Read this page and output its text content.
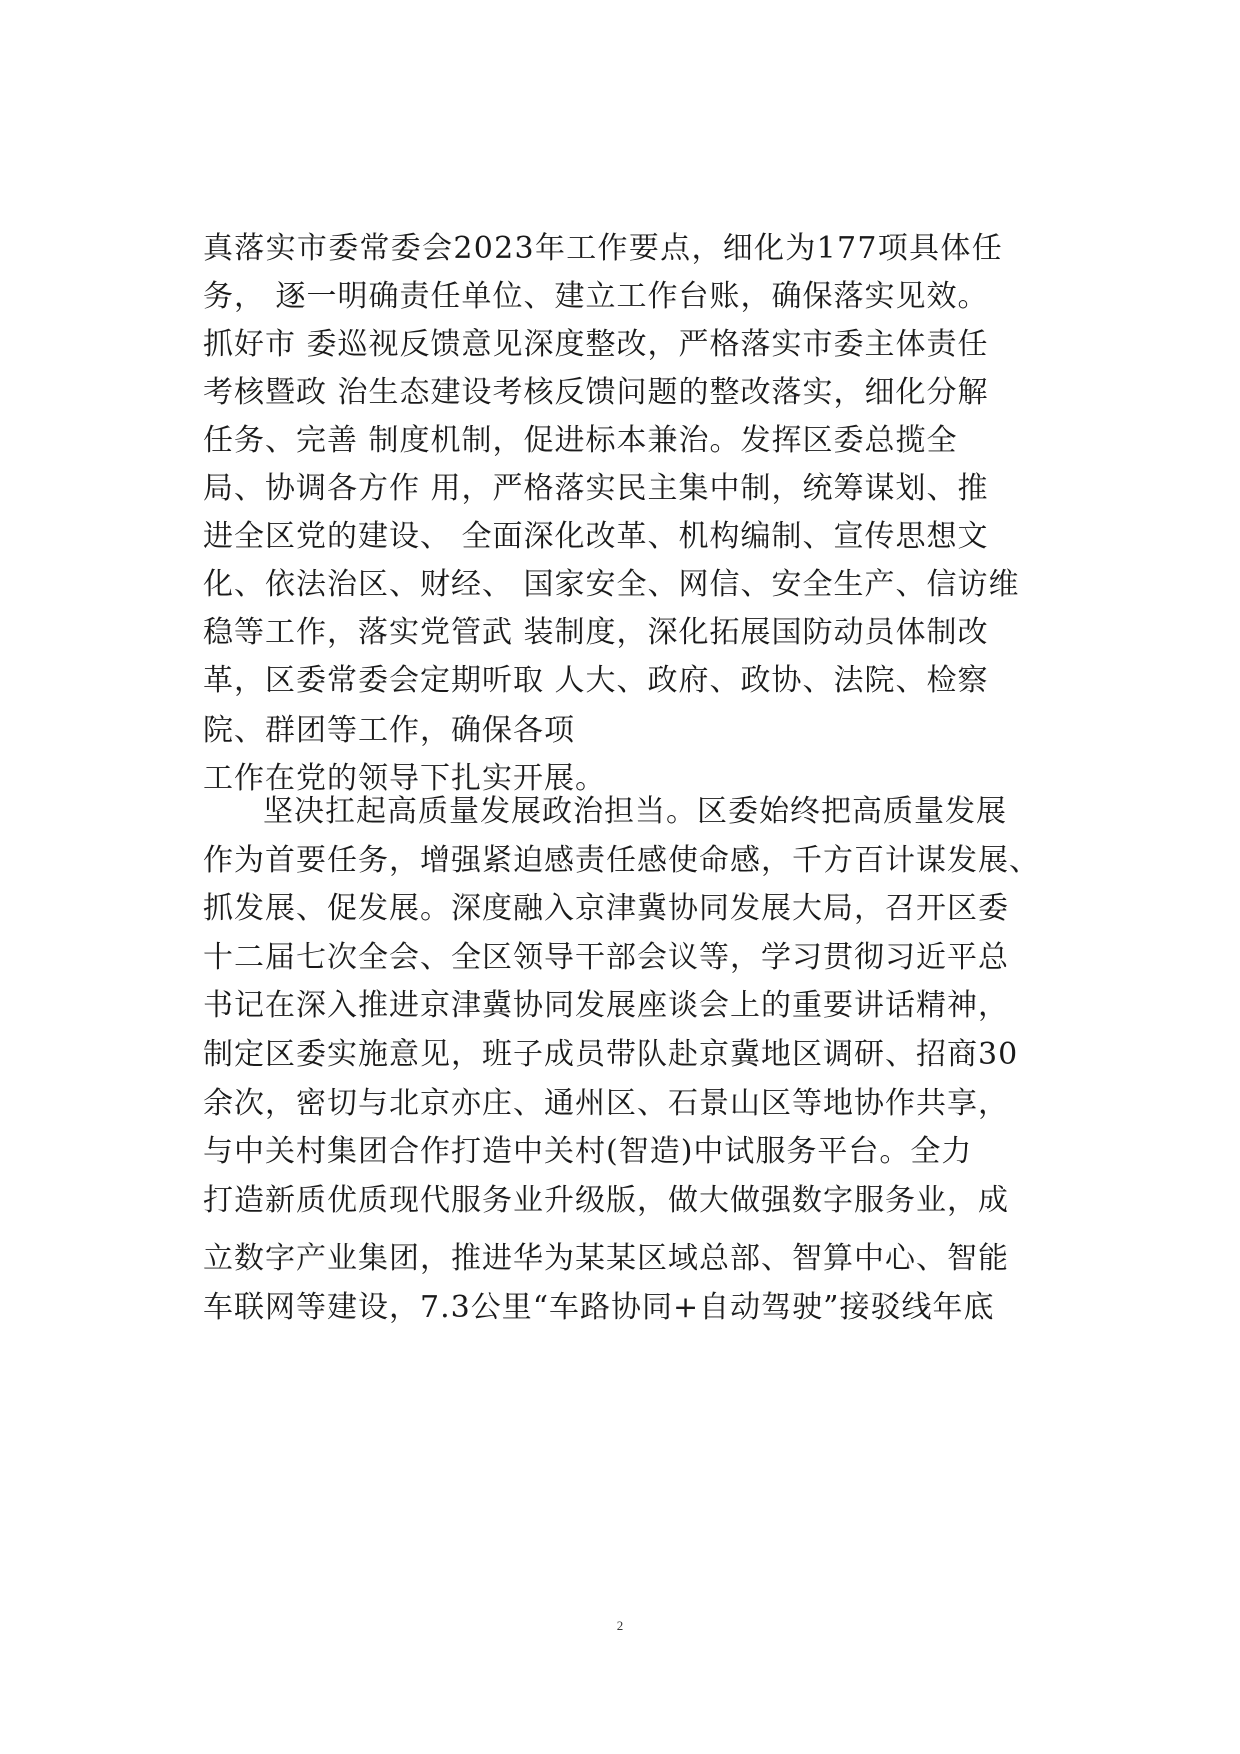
真落实市委常委会2023年工作要点，细化为177项具体任
务， 逐一明确责任单位、建立工作台账，确保落实见效。
抓好市 委巡视反馈意见深度整改，严格落实市委主体责任
考核暨政 治生态建设考核反馈问题的整改落实，细化分解
任务、完善 制度机制，促进标本兼治。发挥区委总揽全
局、协调各方作 用，严格落实民主集中制，统筹谋划、推
进全区党的建设、 全面深化改革、机构编制、宣传思想文
化、依法治区、财经、 国家安全、网信、安全生产、信访维
稳等工作，落实党管武 装制度，深化拓展国防动员体制改
革，区委常委会定期听取 人大、政府、政协、法院、检察
院、群团等工作，确保各项
工作在党的领导下扎实开展。
坚决扛起高质量发展政治担当。区委始终把高质量发展
作为首要任务，增强紧迫感责任感使命感，千方百计谋发展、
抓发展、促发展。深度融入京津冀协同发展大局，召开区委
十二届七次全会、全区领导干部会议等，学习贯彻习近平总
书记在深入推进京津冀协同发展座谈会上的重要讲话精神，
制定区委实施意见，班子成员带队赴京冀地区调研、招商30
余次，密切与北京亦庄、通州区、石景山区等地协作共享，
与中关村集团合作打造中关村(智造)中试服务平台。全力
打造新质优质现代服务业升级版，做大做强数字服务业，成
立数字产业集团，推进华为某某区域总部、智算中心、智能
车联网等建设，7.3公里“车路协同+自动驾驶”接驳线年底
2
